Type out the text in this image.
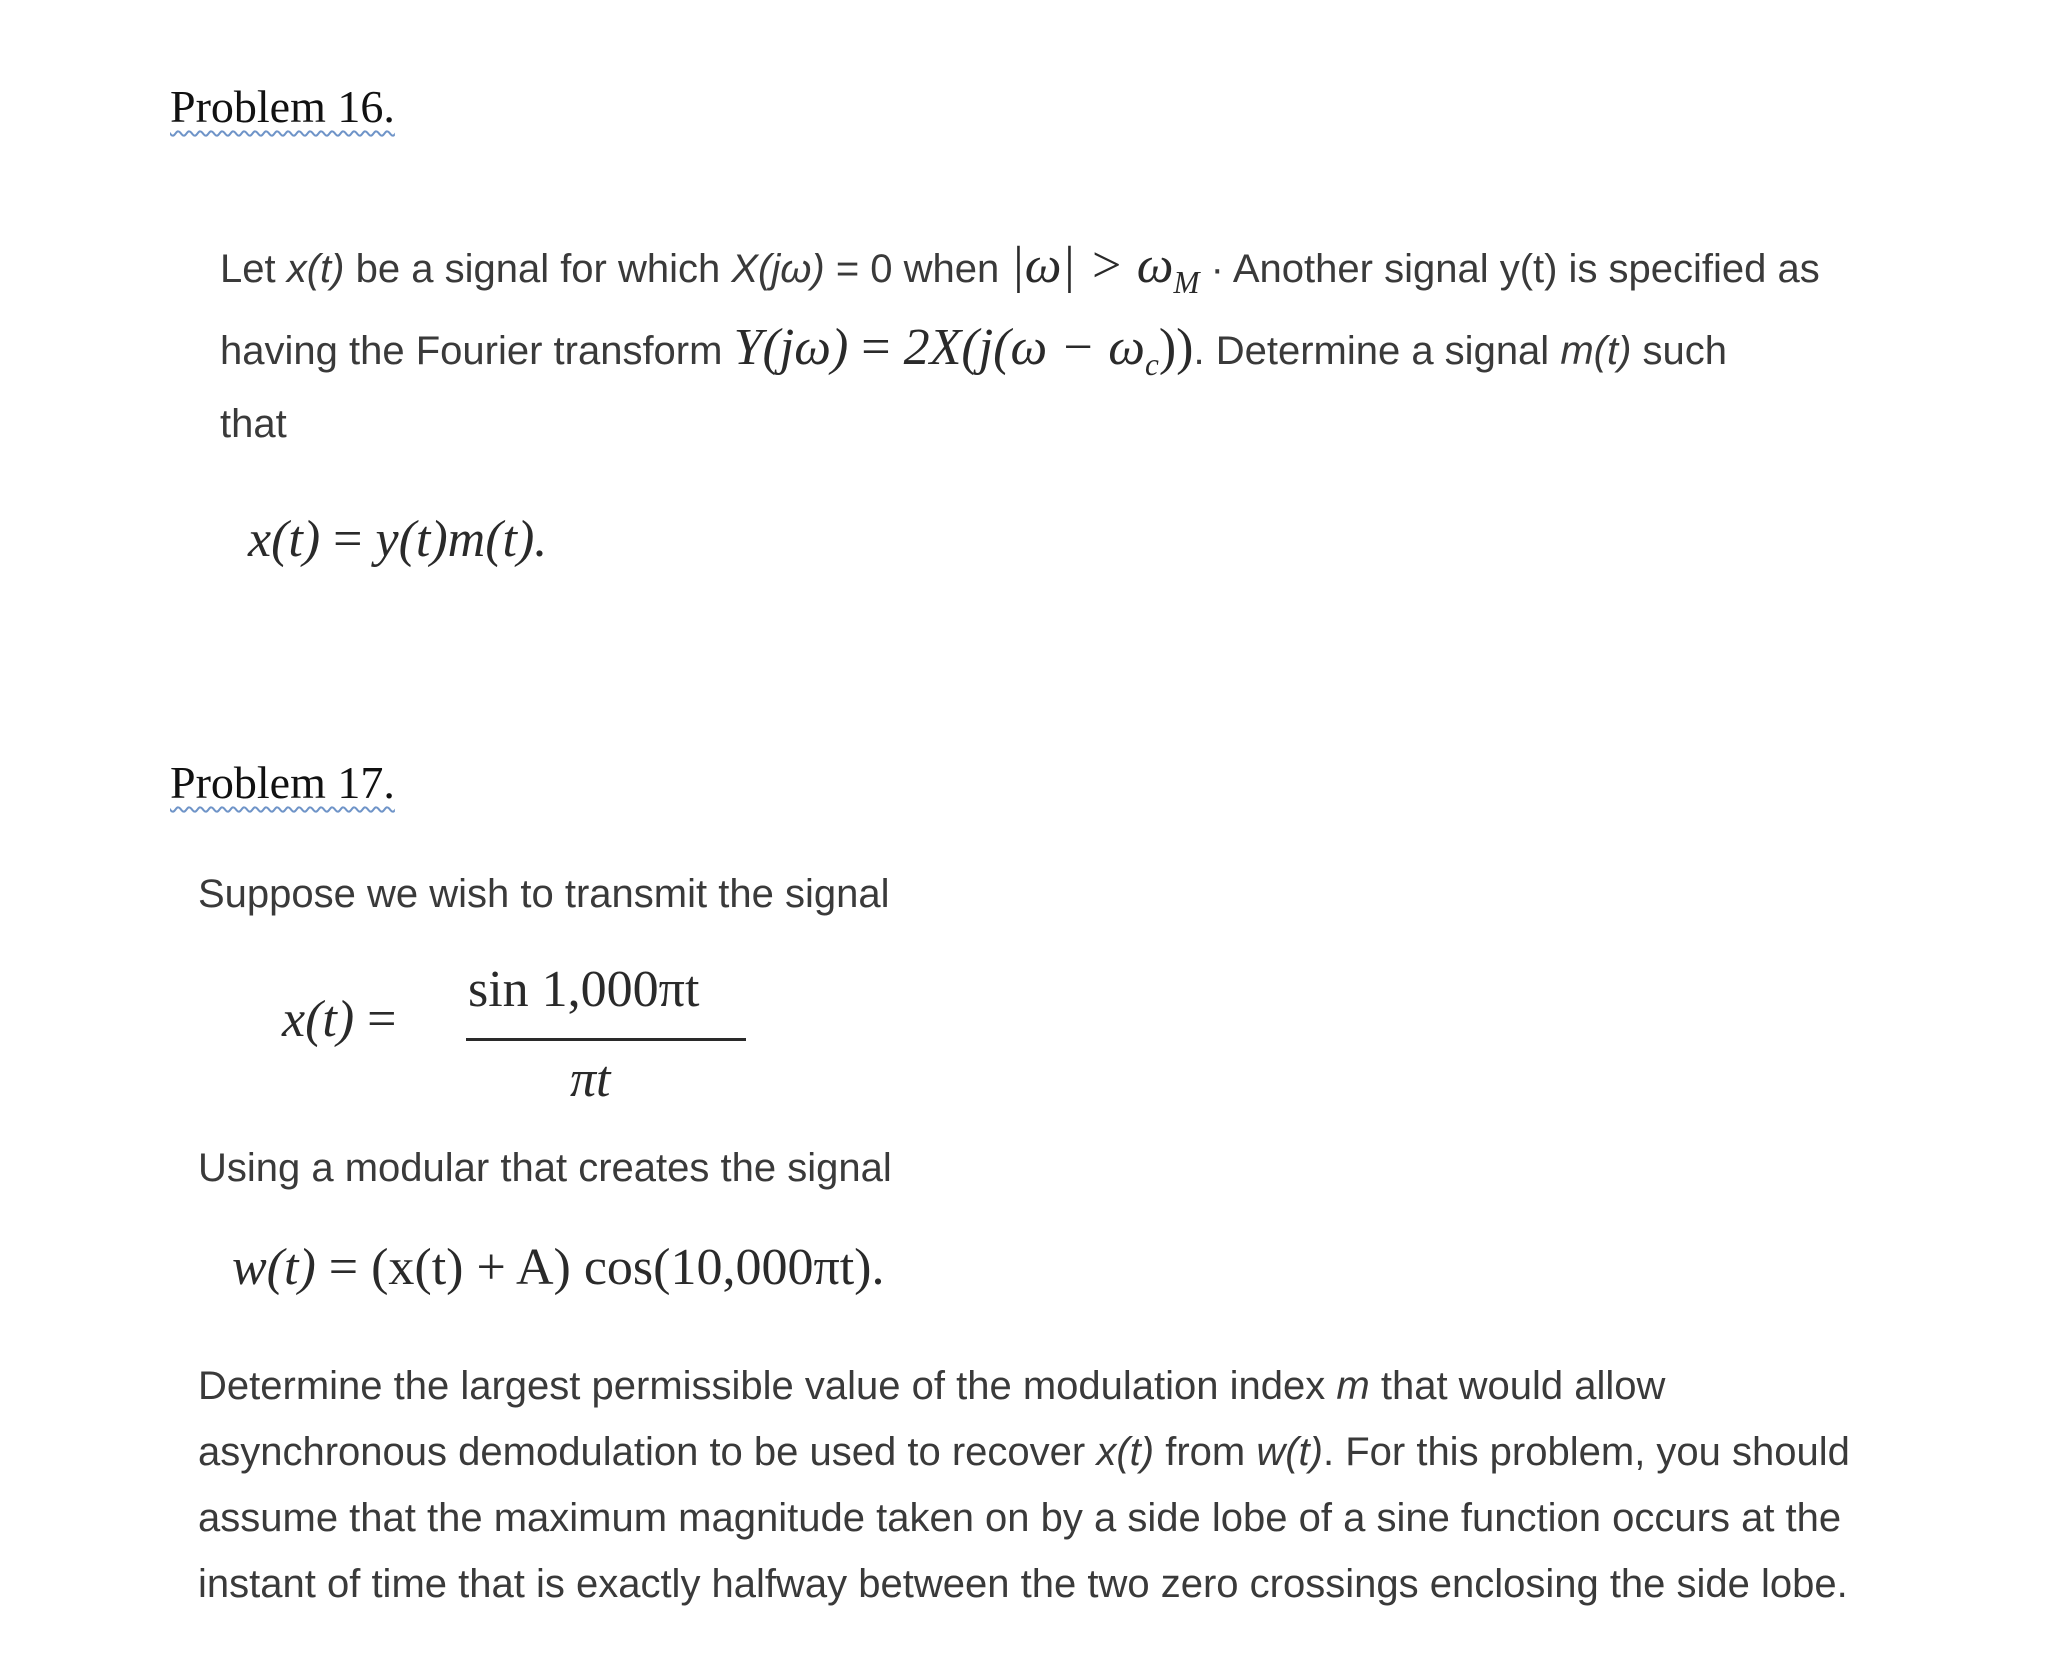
Problem 16.
Let x(t) be a signal for which X(jω) = 0 when $|\omega| > \omega_M$ · Another signal y(t) is specified as
having the Fourier transform $Y(j\omega) = 2X(j(\omega - \omega_c))$. Determine a signal m(t) such
that
x(t) = y(t)m(t).
Problem 17.
Suppose we wish to transmit the signal
x(t) =
sin 1,000πt
πt
Using a modular that creates the signal
w(t) = (x(t) + A) cos(10,000πt).
Determine the largest permissible value of the modulation index m that would allow
asynchronous demodulation to be used to recover x(t) from w(t). For this problem, you should
assume that the maximum magnitude taken on by a side lobe of a sine function occurs at the
instant of time that is exactly halfway between the two zero crossings enclosing the side lobe.
